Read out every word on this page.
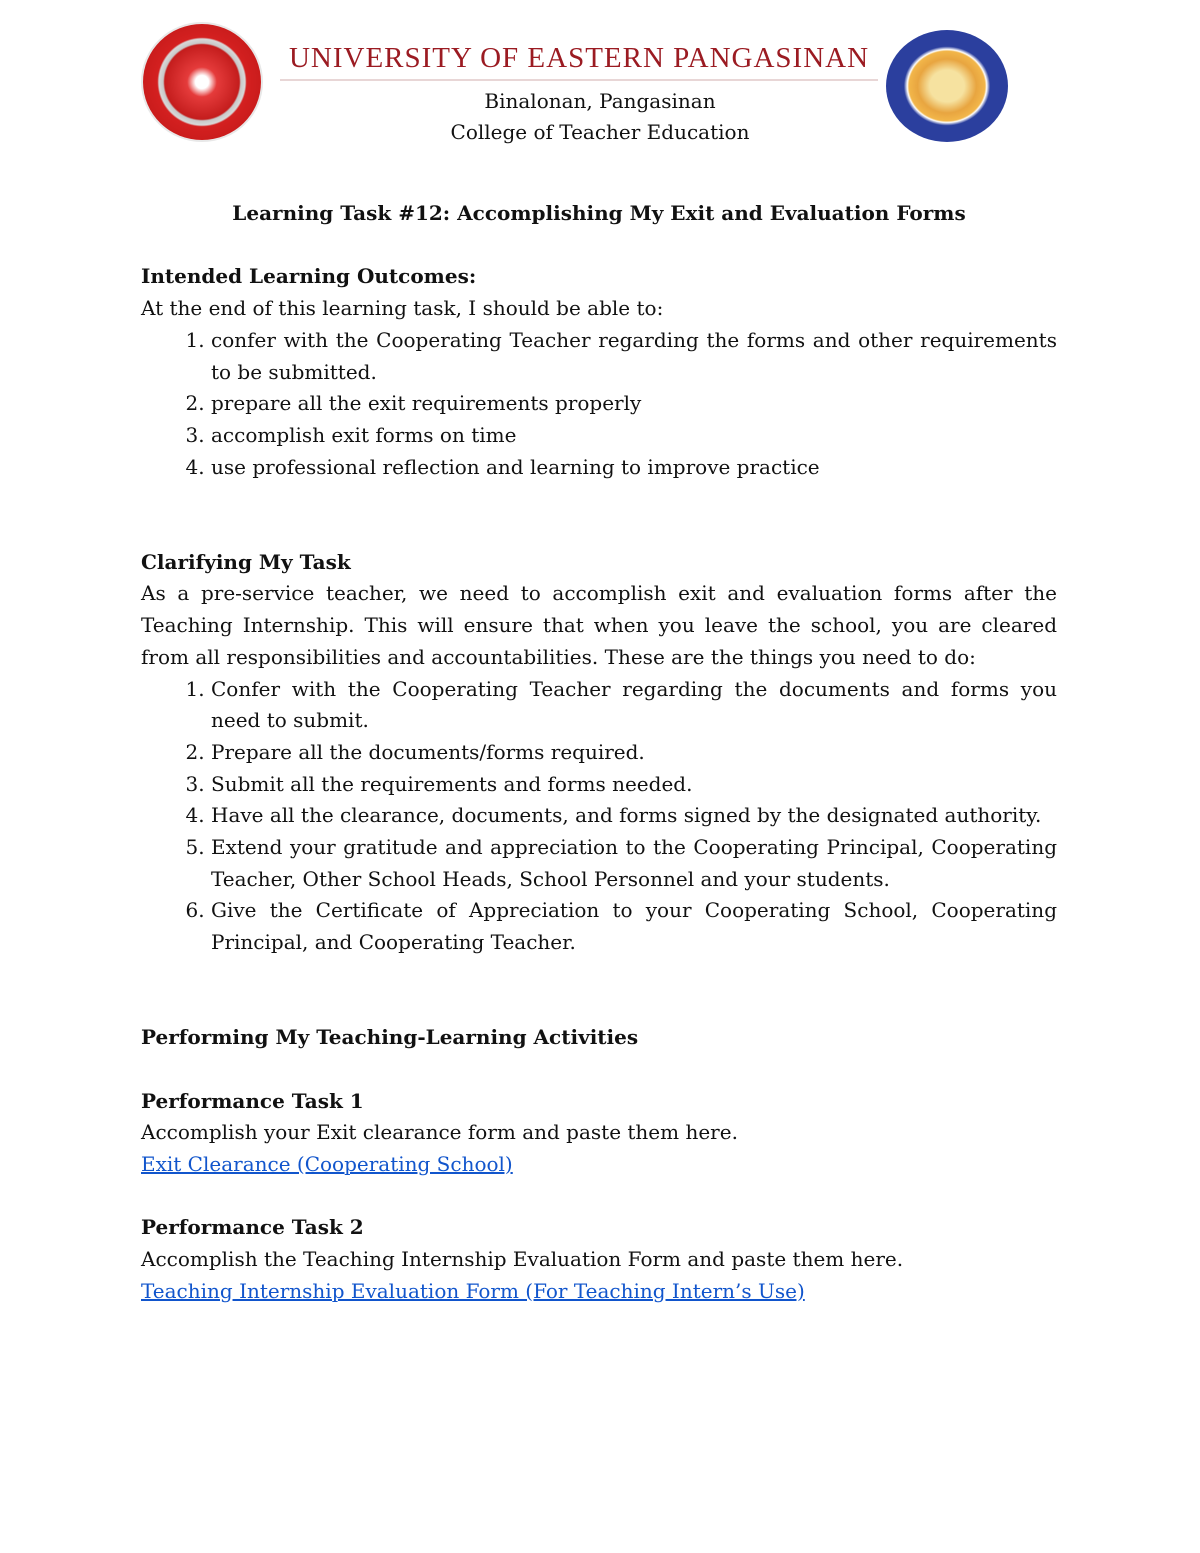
UNIVERSITY OF EASTERN PANGASINAN
Binalonan, Pangasinan
College of Teacher Education

Learning Task #12: Accomplishing My Exit and Evaluation Forms

Intended Learning Outcomes:

At the end of this learning task, I should be able to:

1. confer with the Cooperating Teacher regarding the forms and other requirements to be submitted.
2. prepare all the exit requirements properly
3. accomplish exit forms on time
4. use professional reflection and learning to improve practice

Clarifying My Task

As a pre-service teacher, we need to accomplish exit and evaluation forms after the Teaching Internship. This will ensure that when you leave the school, you are cleared from all responsibilities and accountabilities. These are the things you need to do:

1. Confer with the Cooperating Teacher regarding the documents and forms you need to submit.
2. Prepare all the documents/forms required.
3. Submit all the requirements and forms needed.
4. Have all the clearance, documents, and forms signed by the designated authority.
5. Extend your gratitude and appreciation to the Cooperating Principal, Cooperating Teacher, Other School Heads, School Personnel and your students.
6. Give the Certificate of Appreciation to your Cooperating School, Cooperating Principal, and Cooperating Teacher.

Performing My Teaching-Learning Activities

Performance Task 1

Accomplish your Exit clearance form and paste them here.

Exit Clearance (Cooperating School)

Performance Task 2

Accomplish the Teaching Internship Evaluation Form and paste them here.

Teaching Internship Evaluation Form (For Teaching Intern’s Use)
